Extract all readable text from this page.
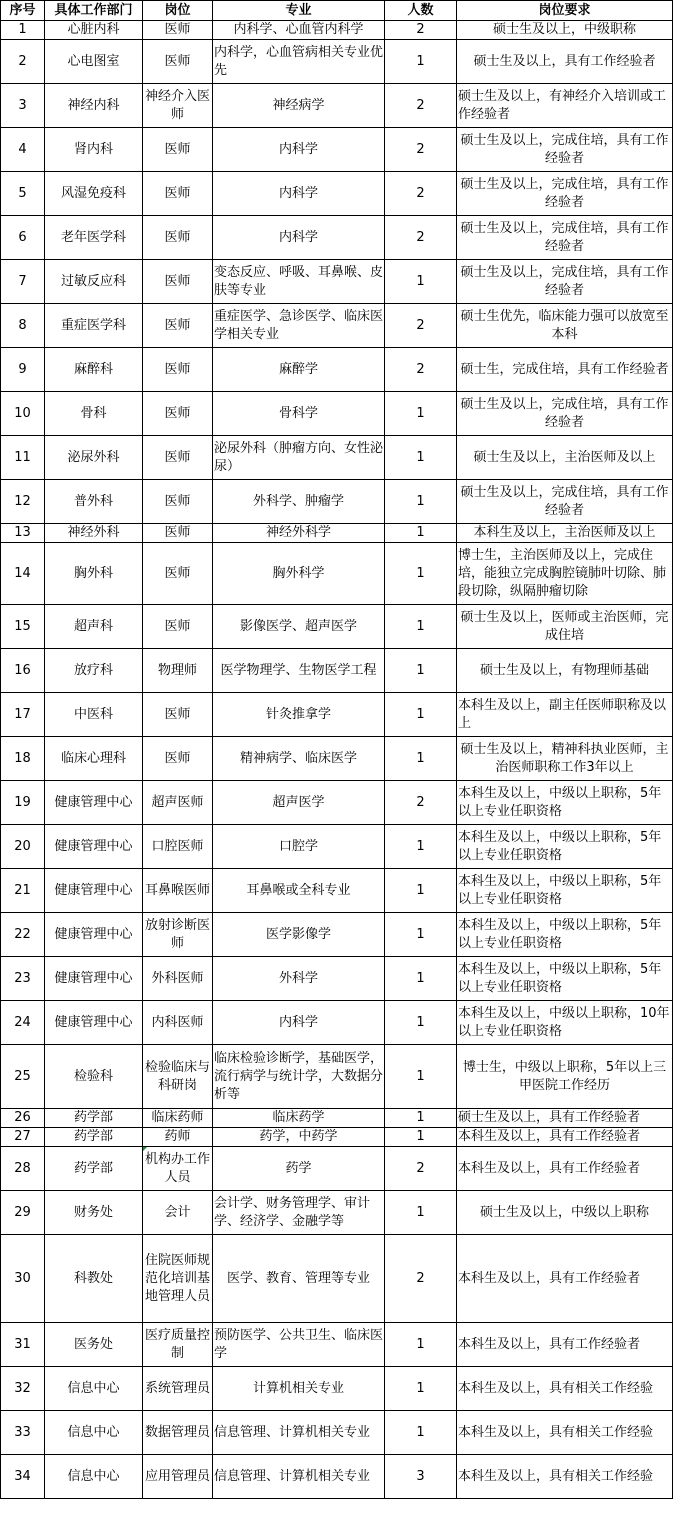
序号	具体工作部门	岗位	专业	人数	岗位要求
1	心脏内科	医师	内科学、心血管内科学	2	硕士生及以上，中级职称
2	心电图室	医师	内科学，心血管病相关专业优先	1	硕士生及以上，具有工作经验者
3	神经内科	神经介入医师	神经病学	2	硕士生及以上，有神经介入培训或工作经验者
4	肾内科	医师	内科学	2	硕士生及以上，完成住培，具有工作经验者
5	风湿免疫科	医师	内科学	2	硕士生及以上，完成住培，具有工作经验者
6	老年医学科	医师	内科学	2	硕士生及以上，完成住培，具有工作经验者
7	过敏反应科	医师	变态反应、呼吸、耳鼻喉、皮肤等专业	1	硕士生及以上，完成住培，具有工作经验者
8	重症医学科	医师	重症医学、急诊医学、临床医学相关专业	2	硕士生优先，临床能力强可以放宽至本科
9	麻醉科	医师	麻醉学	2	硕士生，完成住培，具有工作经验者
10	骨科	医师	骨科学	1	硕士生及以上，完成住培，具有工作经验者
11	泌尿外科	医师	泌尿外科（肿瘤方向、女性泌尿）	1	硕士生及以上，主治医师及以上
12	普外科	医师	外科学、肿瘤学	1	硕士生及以上，完成住培，具有工作经验者
13	神经外科	医师	神经外科学	1	本科生及以上，主治医师及以上
14	胸外科	医师	胸外科学	1	博士生，主治医师及以上，完成住培，能独立完成胸腔镜肺叶切除、肺段切除，纵隔肿瘤切除
15	超声科	医师	影像医学、超声医学	1	硕士生及以上，医师或主治医师，完成住培
16	放疗科	物理师	医学物理学、生物医学工程	1	硕士生及以上，有物理师基础
17	中医科	医师	针灸推拿学	1	本科生及以上，副主任医师职称及以上
18	临床心理科	医师	精神病学、临床医学	1	硕士生及以上，精神科执业医师，主治医师职称工作3年以上
19	健康管理中心	超声医师	超声医学	2	本科生及以上，中级以上职称，5年以上专业任职资格
20	健康管理中心	口腔医师	口腔学	1	本科生及以上，中级以上职称，5年以上专业任职资格
21	健康管理中心	耳鼻喉医师	耳鼻喉或全科专业	1	本科生及以上，中级以上职称，5年以上专业任职资格
22	健康管理中心	放射诊断医师	医学影像学	1	本科生及以上，中级以上职称，5年以上专业任职资格
23	健康管理中心	外科医师	外科学	1	本科生及以上，中级以上职称，5年以上专业任职资格
24	健康管理中心	内科医师	内科学	1	本科生及以上，中级以上职称，10年以上专业任职资格
25	检验科	检验临床与科研岗	临床检验诊断学，基础医学，流行病学与统计学，大数据分析等	1	博士生，中级以上职称，5年以上三甲医院工作经历
26	药学部	临床药师	临床药学	1	硕士生及以上，具有工作经验者
27	药学部	药师	药学，中药学	1	本科生及以上，具有工作经验者
28	药学部	机构办工作人员	药学	2	本科生及以上，具有工作经验者
29	财务处	会计	会计学、财务管理学、审计学、经济学、金融学等	1	硕士生及以上，中级以上职称
30	科教处	住院医师规范化培训基地管理人员	医学、教育、管理等专业	2	本科生及以上，具有工作经验者
31	医务处	医疗质量控制	预防医学、公共卫生、临床医学	1	本科生及以上，具有工作经验者
32	信息中心	系统管理员	计算机相关专业	1	本科生及以上，具有相关工作经验
33	信息中心	数据管理员	信息管理、计算机相关专业	1	本科生及以上，具有相关工作经验
34	信息中心	应用管理员	信息管理、计算机相关专业	3	本科生及以上，具有相关工作经验
